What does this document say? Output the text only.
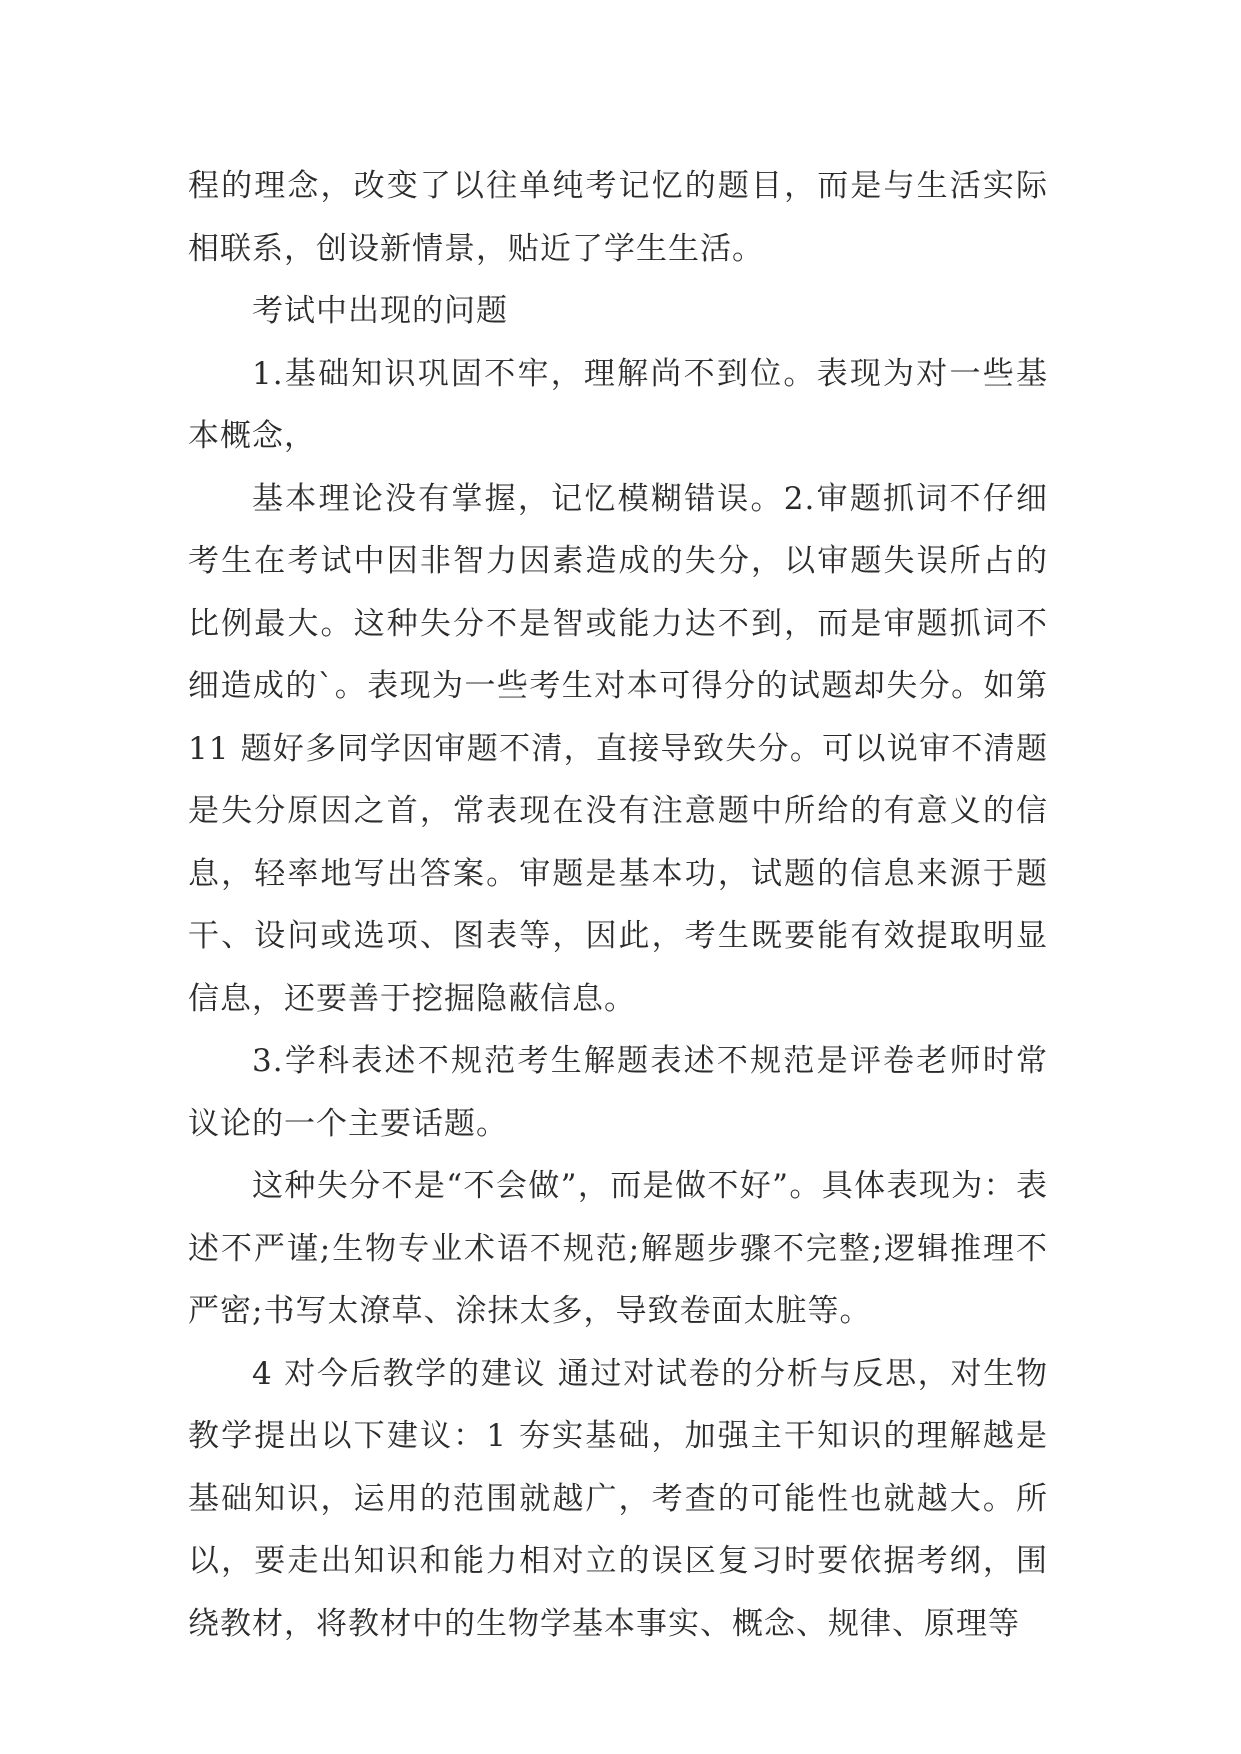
程的理念，改变了以往单纯考记忆的题目，而是与生活实际相联系，创设新情景，贴近了学生生活。

考试中出现的问题

1.基础知识巩固不牢，理解尚不到位。表现为对一些基本概念，

基本理论没有掌握，记忆模糊错误。2.审题抓词不仔细考生在考试中因非智力因素造成的失分，以审题失误所占的比例最大。这种失分不是智或能力达不到，而是审题抓词不细造成的`。表现为一些考生对本可得分的试题却失分。如第 11 题好多同学因审题不清，直接导致失分。可以说审不清题是失分原因之首，常表现在没有注意题中所给的有意义的信息，轻率地写出答案。审题是基本功，试题的信息来源于题干、设问或选项、图表等，因此，考生既要能有效提取明显信息，还要善于挖掘隐蔽信息。

3.学科表述不规范考生解题表述不规范是评卷老师时常议论的一个主要话题。

这种失分不是“不会做”，而是做不好”。具体表现为：表述不严谨;生物专业术语不规范;解题步骤不完整;逻辑推理不严密;书写太潦草、涂抹太多，导致卷面太脏等。

4 对今后教学的建议 通过对试卷的分析与反思，对生物教学提出以下建议：1 夯实基础，加强主干知识的理解越是基础知识，运用的范围就越广，考查的可能性也就越大。所以，要走出知识和能力相对立的误区复习时要依据考纲，围绕教材，将教材中的生物学基本事实、概念、规律、原理等
